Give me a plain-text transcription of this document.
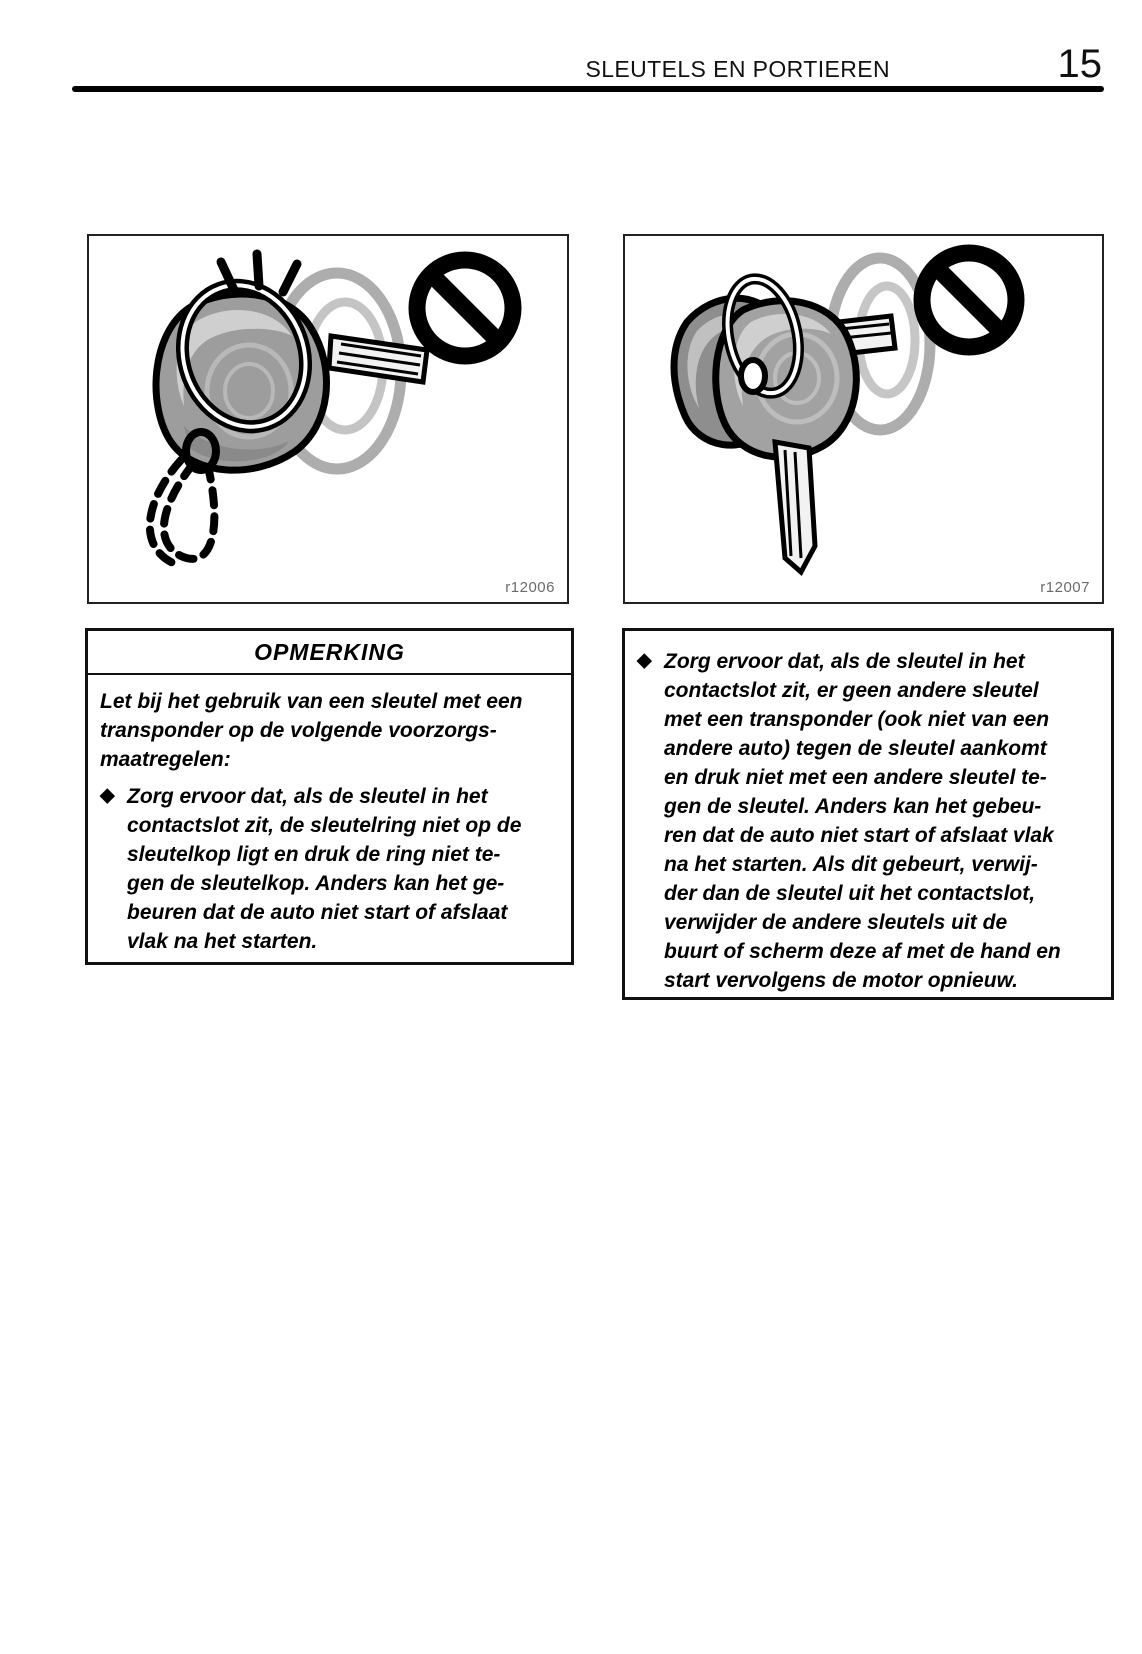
SLEUTELS EN PORTIEREN	15
r12006	r12007
OPMERKING
Let bij het gebruik van een sleutel met een
transponder op de volgende voorzorgs-
maatregelen:
◆ Zorg ervoor dat, als de sleutel in het
contactslot zit, de sleutelring niet op de
sleutelkop ligt en druk de ring niet te-
gen de sleutelkop. Anders kan het ge-
beuren dat de auto niet start of afslaat
vlak na het starten.
◆ Zorg ervoor dat, als de sleutel in het
contactslot zit, er geen andere sleutel
met een transponder (ook niet van een
andere auto) tegen de sleutel aankomt
en druk niet met een andere sleutel te-
gen de sleutel. Anders kan het gebeu-
ren dat de auto niet start of afslaat vlak
na het starten. Als dit gebeurt, verwij-
der dan de sleutel uit het contactslot,
verwijder de andere sleutels uit de
buurt of scherm deze af met de hand en
start vervolgens de motor opnieuw.
